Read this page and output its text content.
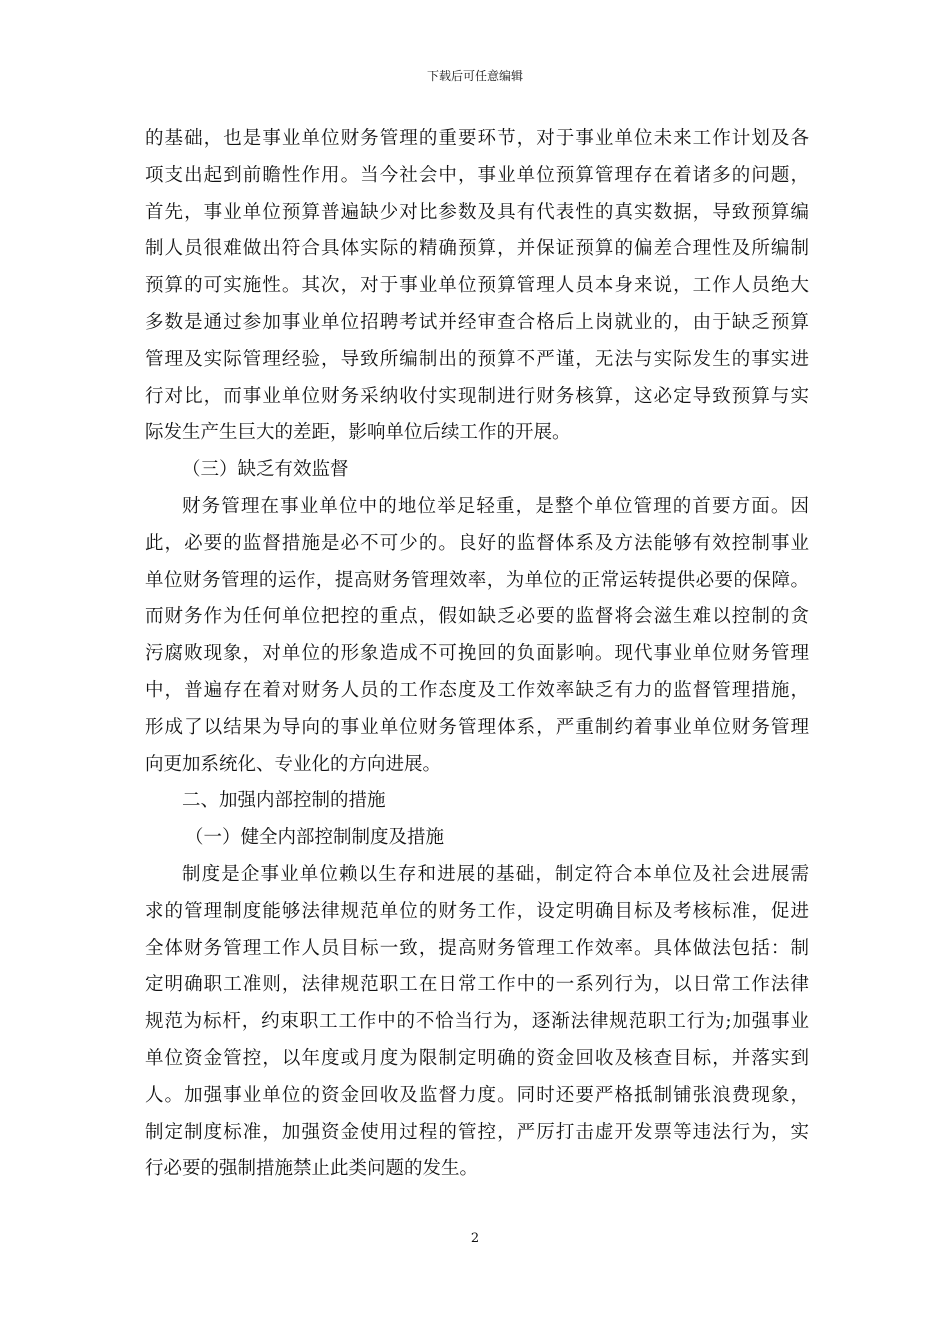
下载后可任意编辑
的基础，也是事业单位财务管理的重要环节，对于事业单位未来工作计划及各
项支出起到前瞻性作用。当今社会中，事业单位预算管理存在着诸多的问题，
首先，事业单位预算普遍缺少对比参数及具有代表性的真实数据，导致预算编
制人员很难做出符合具体实际的精确预算，并保证预算的偏差合理性及所编制
预算的可实施性。其次，对于事业单位预算管理人员本身来说，工作人员绝大
多数是通过参加事业单位招聘考试并经审查合格后上岗就业的，由于缺乏预算
管理及实际管理经验，导致所编制出的预算不严谨，无法与实际发生的事实进
行对比，而事业单位财务采纳收付实现制进行财务核算，这必定导致预算与实
际发生产生巨大的差距，影响单位后续工作的开展。
（三）缺乏有效监督
财务管理在事业单位中的地位举足轻重，是整个单位管理的首要方面。因
此，必要的监督措施是必不可少的。良好的监督体系及方法能够有效控制事业
单位财务管理的运作，提高财务管理效率，为单位的正常运转提供必要的保障。
而财务作为任何单位把控的重点，假如缺乏必要的监督将会滋生难以控制的贪
污腐败现象，对单位的形象造成不可挽回的负面影响。现代事业单位财务管理
中，普遍存在着对财务人员的工作态度及工作效率缺乏有力的监督管理措施，
形成了以结果为导向的事业单位财务管理体系，严重制约着事业单位财务管理
向更加系统化、专业化的方向进展。
二、加强内部控制的措施
（一）健全内部控制制度及措施
制度是企事业单位赖以生存和进展的基础，制定符合本单位及社会进展需
求的管理制度能够法律规范单位的财务工作，设定明确目标及考核标准，促进
全体财务管理工作人员目标一致，提高财务管理工作效率。具体做法包括：制
定明确职工准则，法律规范职工在日常工作中的一系列行为，以日常工作法律
规范为标杆，约束职工工作中的不恰当行为，逐渐法律规范职工行为;加强事业
单位资金管控，以年度或月度为限制定明确的资金回收及核查目标，并落实到
人。加强事业单位的资金回收及监督力度。同时还要严格抵制铺张浪费现象，
制定制度标准，加强资金使用过程的管控，严厉打击虚开发票等违法行为，实
行必要的强制措施禁止此类问题的发生。
2
